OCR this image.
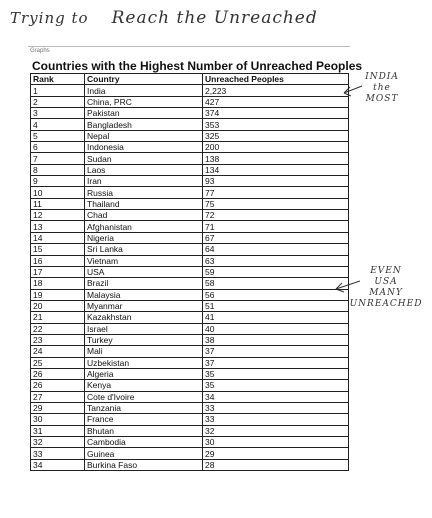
Trying to Reach the Unreached
INDIA
the
MOST
EVEN
USA
MANY
UNREACHED
Graphs
Countries with the Highest Number of Unreached Peoples
Rank	Country	Unreached Peoples
1	India	2,223
2	China, PRC	427
3	Pakistan	374
4	Bangladesh	353
5	Nepal	325
6	Indonesia	200
7	Sudan	138
8	Laos	134
9	Iran	93
10	Russia	77
11	Thailand	75
12	Chad	72
13	Afghanistan	71
14	Nigeria	67
15	Sri Lanka	64
16	Vietnam	63
17	USA	59
18	Brazil	58
19	Malaysia	56
20	Myanmar	51
21	Kazakhstan	41
22	Israel	40
23	Turkey	38
24	Mali	37
25	Uzbekistan	37
26	Algeria	35
26	Kenya	35
27	Cote d'Ivoire	34
29	Tanzania	33
30	France	33
31	Bhutan	32
32	Cambodia	30
33	Guinea	29
34	Burkina Faso	28
